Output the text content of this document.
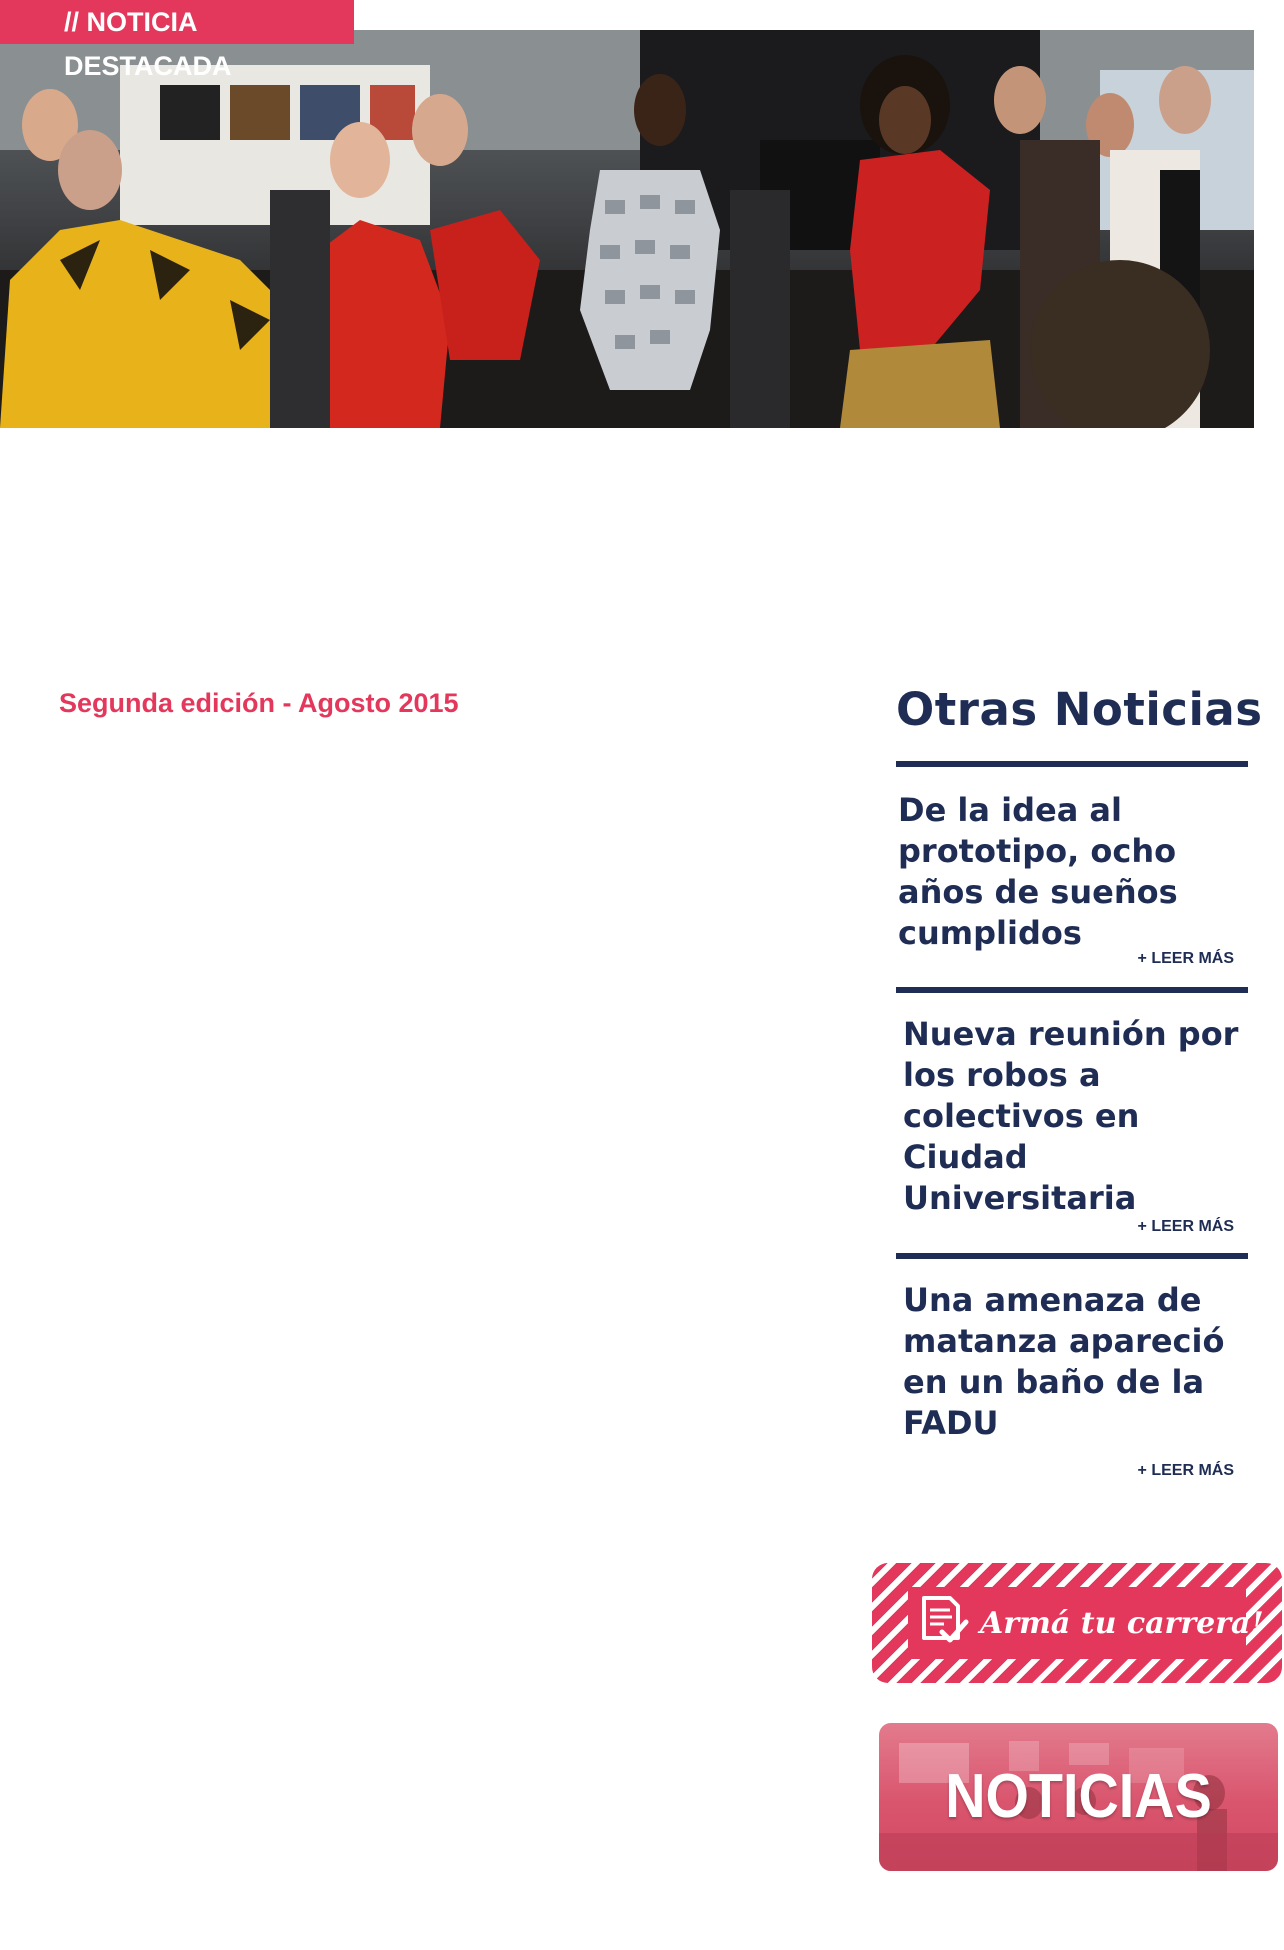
// NOTICIA DESTACADA
Segunda edición - Agosto 2015	Otras Noticias
De la idea al prototipo, ocho años de sueños cumplidos
+ LEER MÁS
Nueva reunión por los robos a colectivos en Ciudad Universitaria
+ LEER MÁS
Una amenaza de matanza apareció en un baño de la FADU
+ LEER MÁS
Armá tu carrera!
NOTICIAS
